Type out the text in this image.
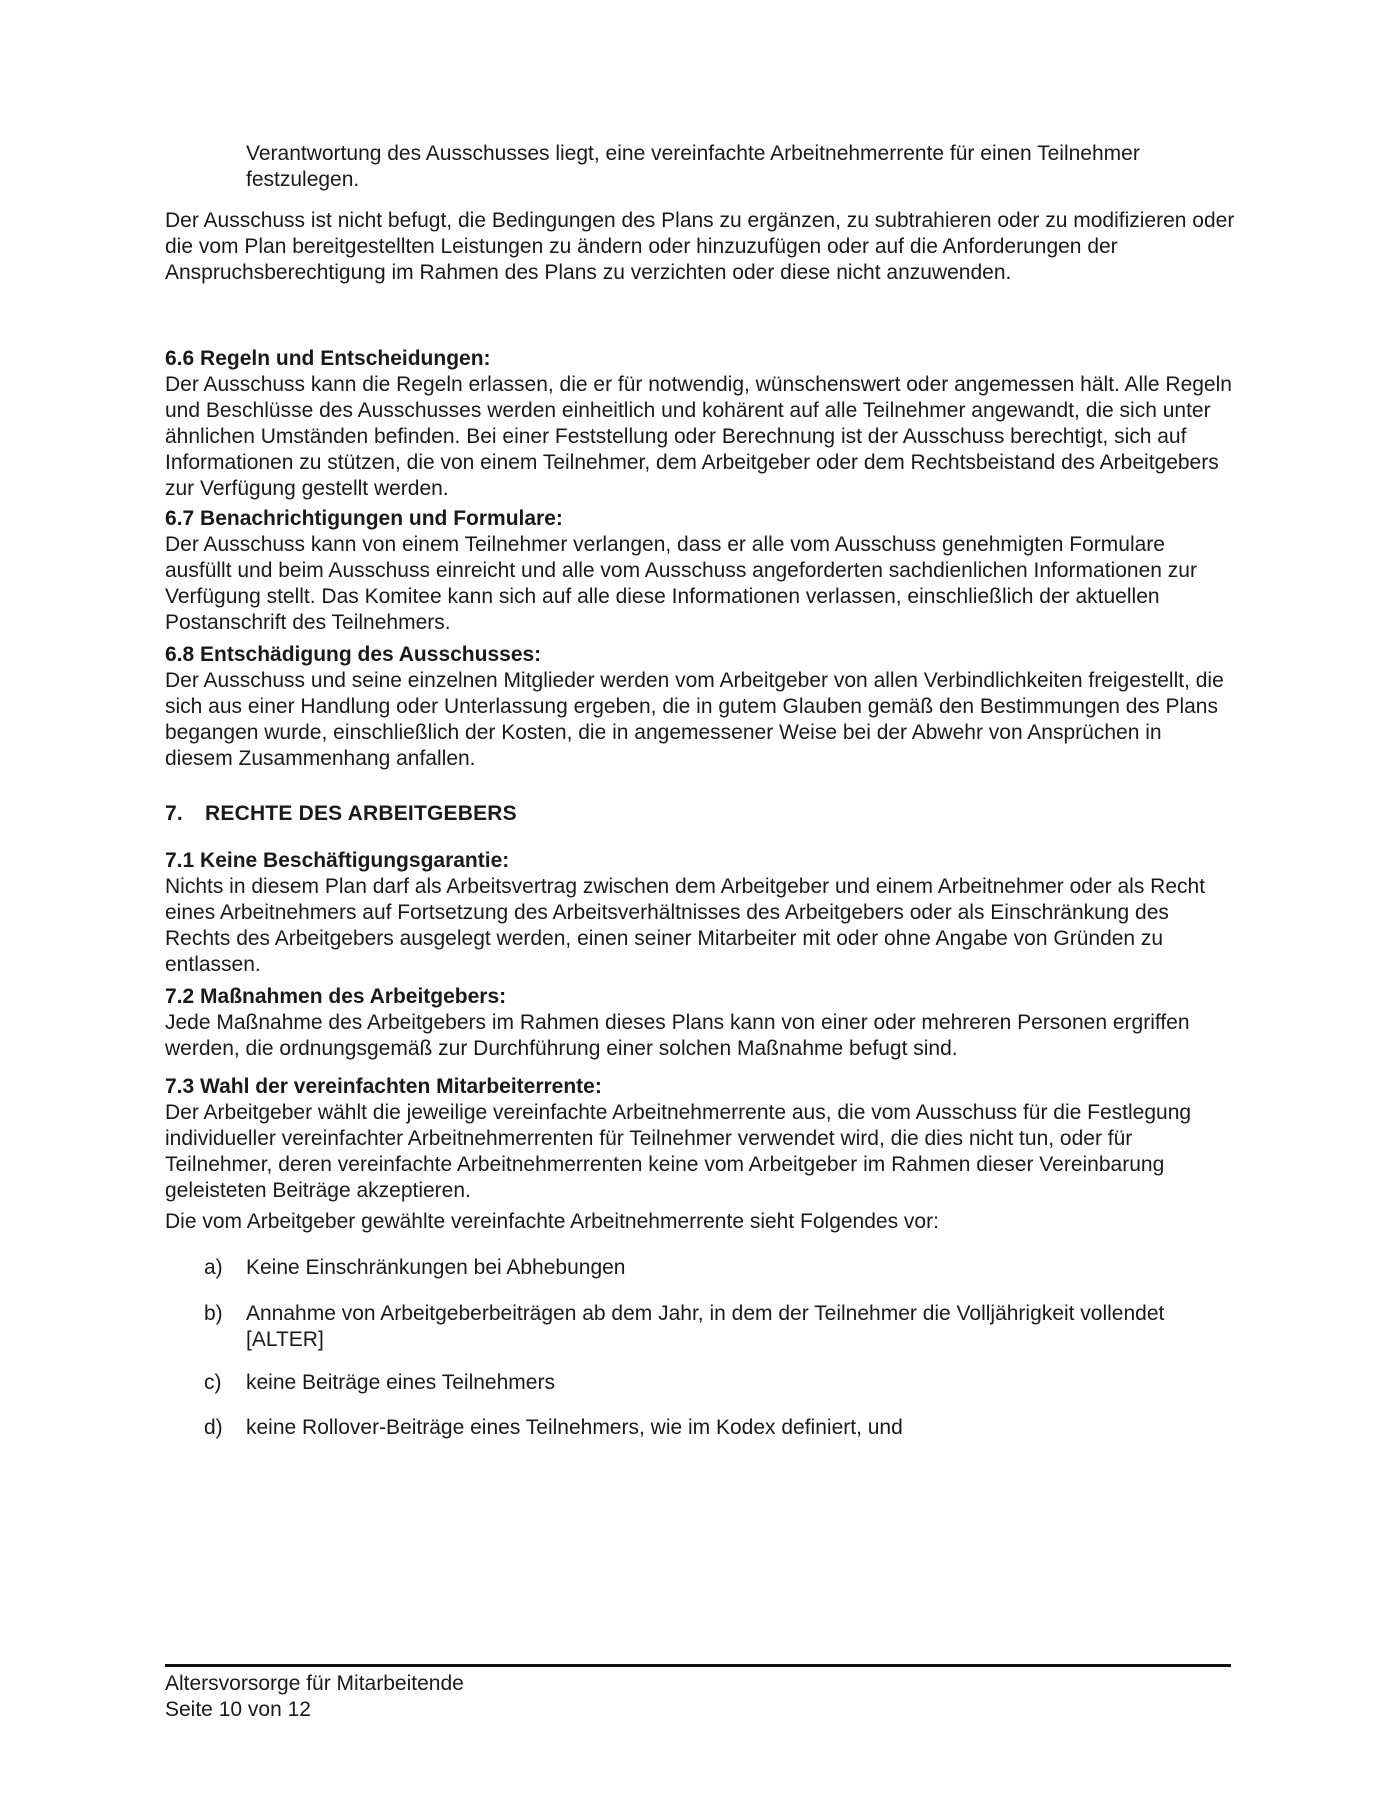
Verantwortung des Ausschusses liegt, eine vereinfachte Arbeitnehmerrente für einen Teilnehmer festzulegen.

Der Ausschuss ist nicht befugt, die Bedingungen des Plans zu ergänzen, zu subtrahieren oder zu modifizieren oder die vom Plan bereitgestellten Leistungen zu ändern oder hinzuzufügen oder auf die Anforderungen der Anspruchsberechtigung im Rahmen des Plans zu verzichten oder diese nicht anzuwenden.

6.6 Regeln und Entscheidungen:
Der Ausschuss kann die Regeln erlassen, die er für notwendig, wünschenswert oder angemessen hält. Alle Regeln und Beschlüsse des Ausschusses werden einheitlich und kohärent auf alle Teilnehmer angewandt, die sich unter ähnlichen Umständen befinden. Bei einer Feststellung oder Berechnung ist der Ausschuss berechtigt, sich auf Informationen zu stützen, die von einem Teilnehmer, dem Arbeitgeber oder dem Rechtsbeistand des Arbeitgebers zur Verfügung gestellt werden.
6.7 Benachrichtigungen und Formulare:
Der Ausschuss kann von einem Teilnehmer verlangen, dass er alle vom Ausschuss genehmigten Formulare ausfüllt und beim Ausschuss einreicht und alle vom Ausschuss angeforderten sachdienlichen Informationen zur Verfügung stellt. Das Komitee kann sich auf alle diese Informationen verlassen, einschließlich der aktuellen Postanschrift des Teilnehmers.
6.8 Entschädigung des Ausschusses:
Der Ausschuss und seine einzelnen Mitglieder werden vom Arbeitgeber von allen Verbindlichkeiten freigestellt, die sich aus einer Handlung oder Unterlassung ergeben, die in gutem Glauben gemäß den Bestimmungen des Plans begangen wurde, einschließlich der Kosten, die in angemessener Weise bei der Abwehr von Ansprüchen in diesem Zusammenhang anfallen.
7. RECHTE DES ARBEITGEBERS
7.1 Keine Beschäftigungsgarantie:
Nichts in diesem Plan darf als Arbeitsvertrag zwischen dem Arbeitgeber und einem Arbeitnehmer oder als Recht eines Arbeitnehmers auf Fortsetzung des Arbeitsverhältnisses des Arbeitgebers oder als Einschränkung des Rechts des Arbeitgebers ausgelegt werden, einen seiner Mitarbeiter mit oder ohne Angabe von Gründen zu entlassen.
7.2 Maßnahmen des Arbeitgebers:
Jede Maßnahme des Arbeitgebers im Rahmen dieses Plans kann von einer oder mehreren Personen ergriffen werden, die ordnungsgemäß zur Durchführung einer solchen Maßnahme befugt sind.
7.3 Wahl der vereinfachten Mitarbeiterrente:
Der Arbeitgeber wählt die jeweilige vereinfachte Arbeitnehmerrente aus, die vom Ausschuss für die Festlegung individueller vereinfachter Arbeitnehmerrenten für Teilnehmer verwendet wird, die dies nicht tun, oder für Teilnehmer, deren vereinfachte Arbeitnehmerrenten keine vom Arbeitgeber im Rahmen dieser Vereinbarung geleisteten Beiträge akzeptieren.

Die vom Arbeitgeber gewählte vereinfachte Arbeitnehmerrente sieht Folgendes vor:

a)	Keine Einschränkungen bei Abhebungen
b)	Annahme von Arbeitgeberbeiträgen ab dem Jahr, in dem der Teilnehmer die Volljährigkeit vollendet [ALTER]
c)	keine Beiträge eines Teilnehmers
d)	keine Rollover-Beiträge eines Teilnehmers, wie im Kodex definiert, und
Altersvorsorge für Mitarbeitende
Seite 10 von 12
